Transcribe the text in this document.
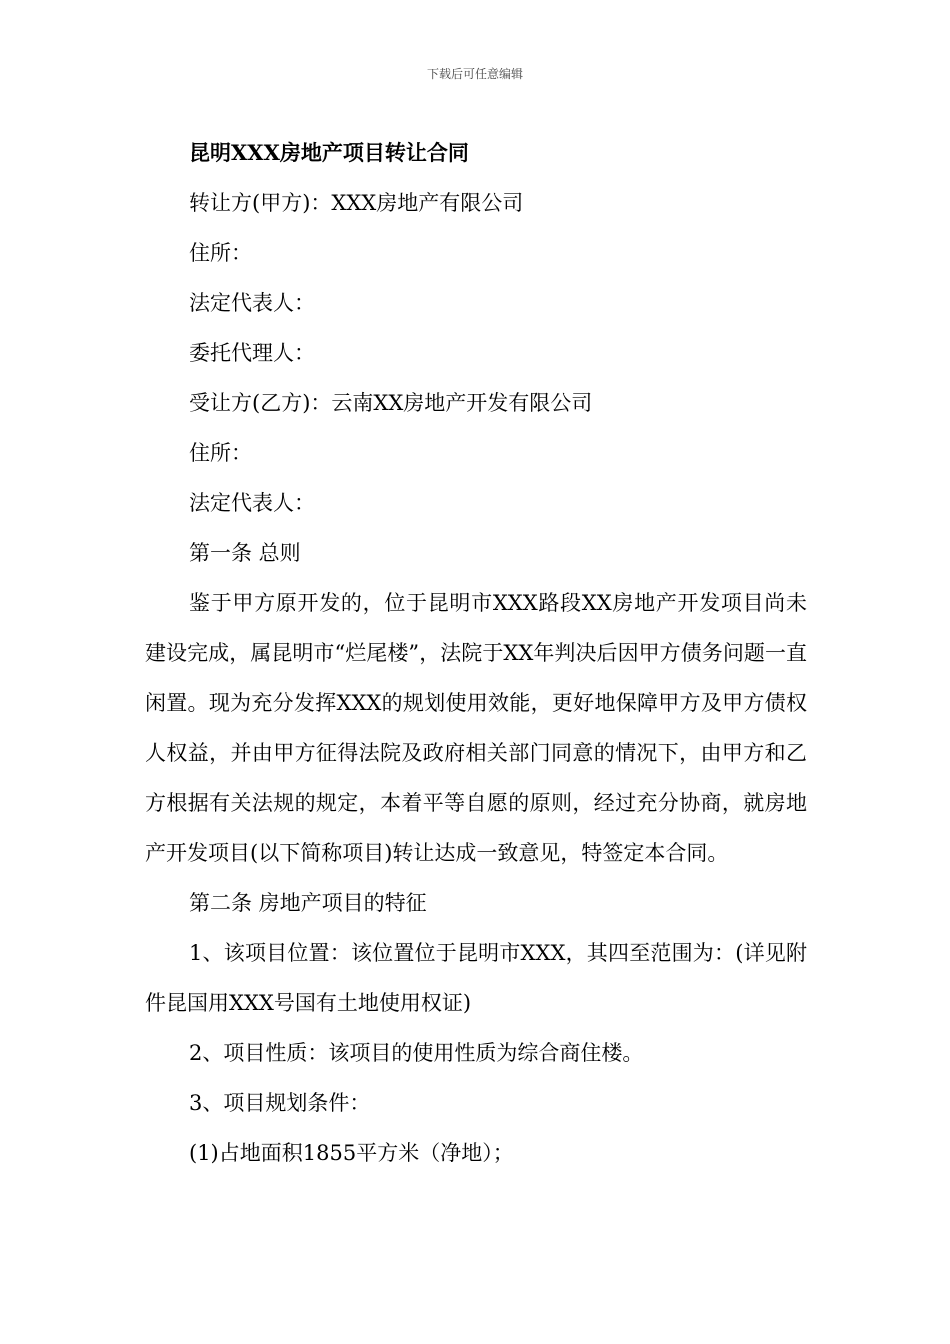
下载后可任意编辑
昆明XXX房地产项目转让合同
转让方(甲方)：XXX房地产有限公司
住所：
法定代表人：
委托代理人：
受让方(乙方)：云南XX房地产开发有限公司
住所：
法定代表人：
第一条 总则

鉴于甲方原开发的，位于昆明市XXX路段XX房地产开发项目尚未建设完成，属昆明市“烂尾楼”，法院于XX年判决后因甲方债务问题一直闲置。现为充分发挥XXX的规划使用效能，更好地保障甲方及甲方债权人权益，并由甲方征得法院及政府相关部门同意的情况下，由甲方和乙方根据有关法规的规定，本着平等自愿的原则，经过充分协商，就房地产开发项目(以下简称项目)转让达成一致意见，特签定本合同。

第二条 房地产项目的特征

1、该项目位置：该位置位于昆明市XXX，其四至范围为：(详见附件昆国用XXX号国有土地使用权证)

2、项目性质：该项目的使用性质为综合商住楼。
3、项目规划条件：
(1)占地面积1855平方米（净地）；
